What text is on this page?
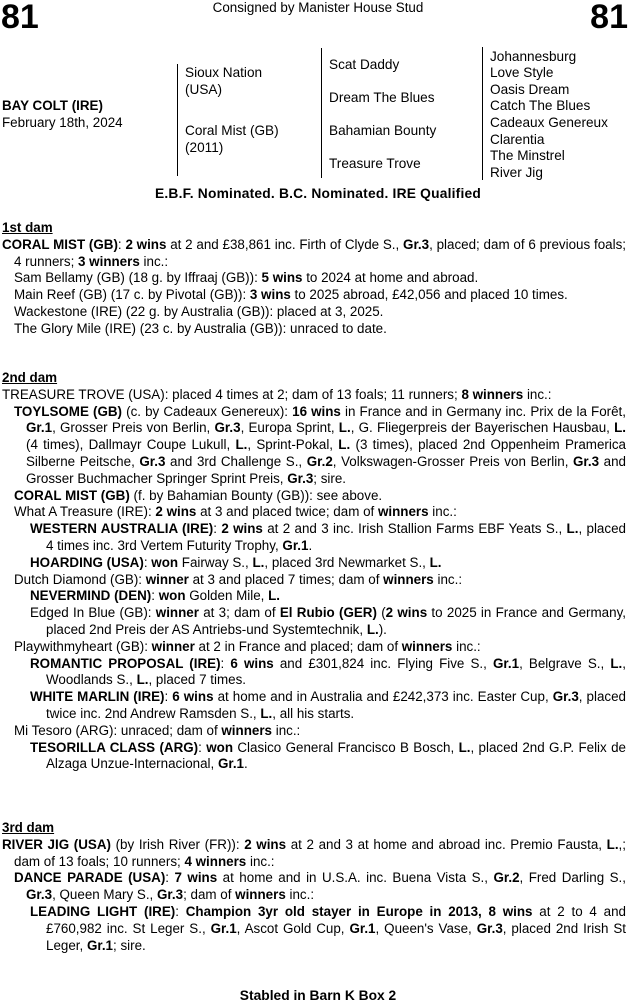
81	Consigned by Manister House Stud	81
BAY COLT (IRE)
February 18th, 2024
Sioux Nation
(USA)
Coral Mist (GB)
(2011)
Scat Daddy
Dream The Blues
Bahamian Bounty
Treasure Trove
Johannesburg
Love Style
Oasis Dream
Catch The Blues
Cadeaux Genereux
Clarentia
The Minstrel
River Jig
E.B.F. Nominated. B.C. Nominated. IRE Qualified
1st dam
CORAL MIST (GB): 2 wins at 2 and £38,861 inc. Firth of Clyde S., Gr.3, placed; dam of 6 previous foals; 4 runners; 3 winners inc.:
Sam Bellamy (GB) (18 g. by Iffraaj (GB)): 5 wins to 2024 at home and abroad.
Main Reef (GB) (17 c. by Pivotal (GB)): 3 wins to 2025 abroad, £42,056 and placed 10 times.
Wackestone (IRE) (22 g. by Australia (GB)): placed at 3, 2025.
The Glory Mile (IRE) (23 c. by Australia (GB)): unraced to date.
2nd dam
TREASURE TROVE (USA): placed 4 times at 2; dam of 13 foals; 11 runners; 8 winners inc.:
TOYLSOME (GB) (c. by Cadeaux Genereux): 16 wins in France and in Germany inc. Prix de la Forêt, Gr.1, Grosser Preis von Berlin, Gr.3, Europa Sprint, L., G. Fliegerpreis der Bayerischen Hausbau, L. (4 times), Dallmayr Coupe Lukull, L., Sprint-Pokal, L. (3 times), placed 2nd Oppenheim Pramerica Silberne Peitsche, Gr.3 and 3rd Challenge S., Gr.2, Volkswagen-Grosser Preis von Berlin, Gr.3 and Grosser Buchmacher Springer Sprint Preis, Gr.3; sire.
CORAL MIST (GB) (f. by Bahamian Bounty (GB)): see above.
What A Treasure (IRE): 2 wins at 3 and placed twice; dam of winners inc.:
WESTERN AUSTRALIA (IRE): 2 wins at 2 and 3 inc. Irish Stallion Farms EBF Yeats S., L., placed 4 times inc. 3rd Vertem Futurity Trophy, Gr.1.
HOARDING (USA): won Fairway S., L., placed 3rd Newmarket S., L.
Dutch Diamond (GB): winner at 3 and placed 7 times; dam of winners inc.:
NEVERMIND (DEN): won Golden Mile, L.
Edged In Blue (GB): winner at 3; dam of El Rubio (GER) (2 wins to 2025 in France and Germany, placed 2nd Preis der AS Antriebs-und Systemtechnik, L.).
Playwithmyheart (GB): winner at 2 in France and placed; dam of winners inc.:
ROMANTIC PROPOSAL (IRE): 6 wins and £301,824 inc. Flying Five S., Gr.1, Belgrave S., L., Woodlands S., L., placed 7 times.
WHITE MARLIN (IRE): 6 wins at home and in Australia and £242,373 inc. Easter Cup, Gr.3, placed twice inc. 2nd Andrew Ramsden S., L., all his starts.
Mi Tesoro (ARG): unraced; dam of winners inc.:
TESORILLA CLASS (ARG): won Clasico General Francisco B Bosch, L., placed 2nd G.P. Felix de Alzaga Unzue-Internacional, Gr.1.
3rd dam
RIVER JIG (USA) (by Irish River (FR)): 2 wins at 2 and 3 at home and abroad inc. Premio Fausta, L.,; dam of 13 foals; 10 runners; 4 winners inc.:
DANCE PARADE (USA): 7 wins at home and in U.S.A. inc. Buena Vista S., Gr.2, Fred Darling S., Gr.3, Queen Mary S., Gr.3; dam of winners inc.:
LEADING LIGHT (IRE): Champion 3yr old stayer in Europe in 2013, 8 wins at 2 to 4 and £760,982 inc. St Leger S., Gr.1, Ascot Gold Cup, Gr.1, Queen's Vase, Gr.3, placed 2nd Irish St Leger, Gr.1; sire.
Stabled in Barn K Box 2
